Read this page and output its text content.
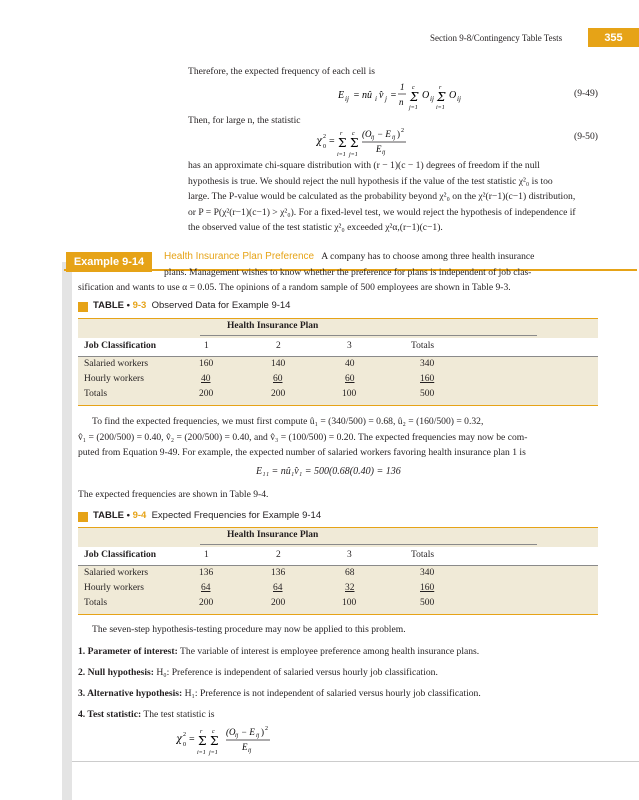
Section 9-8/Contingency Table Tests	355
Therefore, the expected frequency of each cell is
E ij = nû i v̂ j =
1
n Σ
c
j=1
O ij Σ
r
i=1
O ij	(9-49)
Then, for large n, the statistic
χ 2
0 = Σ
r
i=1
Σ
c
j=1
(O ij − E ij ) 2
E ij
(9-50)
has an approximate chi-square distribution with (r − 1)(c − 1) degrees of freedom if the null
hypothesis is true. We should reject the null hypothesis if the value of the test statistic χ²₀ is too
large. The P-value would be calculated as the probability beyond χ²₀ on the χ²(r−1)(c−1) distribution,
or P = P(χ²(r−1)(c−1) > χ²₀). For a fixed-level test, we would reject the hypothesis of independence if
the observed value of the test statistic χ²₀ exceeded χ²α,(r−1)(c−1).
Example 9-14	Health Insurance Plan Preference A company has to choose among three health insurance
plans. Management wishes to know whether the preference for plans is independent of job clas-
sification and wants to use α = 0.05. The opinions of a random sample of 500 employees are shown in Table 9-3.
TABLE • 9-3 Observed Data for Example 9-14
Health Insurance Plan
Job Classification	1	2	3	Totals
Salaried workers	160	140	40	340
Hourly workers	40	60	60	160
Totals	200	200	100	500
To find the expected frequencies, we must first compute û₁ = (340/500) = 0.68, û₂ = (160/500) = 0.32,
v̂₁ = (200/500) = 0.40, v̂₂ = (200/500) = 0.40, and v̂₃ = (100/500) = 0.20. The expected frequencies may now be com-
puted from Equation 9-49. For example, the expected number of salaried workers favoring health insurance plan 1 is
E₁₁ = nû₁v̂₁ = 500(0.68(0.40) = 136
The expected frequencies are shown in Table 9-4.
TABLE • 9-4 Expected Frequencies for Example 9-14
Health Insurance Plan
Job Classification	1	2	3	Totals
Salaried workers	136	136	68	340
Hourly workers	64	64	32	160
Totals	200	200	100	500
The seven-step hypothesis-testing procedure may now be applied to this problem.
1. Parameter of interest: The variable of interest is employee preference among health insurance plans.
2. Null hypothesis: H₀: Preference is independent of salaried versus hourly job classification.
3. Alternative hypothesis: H₁: Preference is not independent of salaried versus hourly job classification.
4. Test statistic: The test statistic is
χ 2
0 = Σ
r
i=1
Σ
c
j=1
(O ij − E ij ) 2
E ij
